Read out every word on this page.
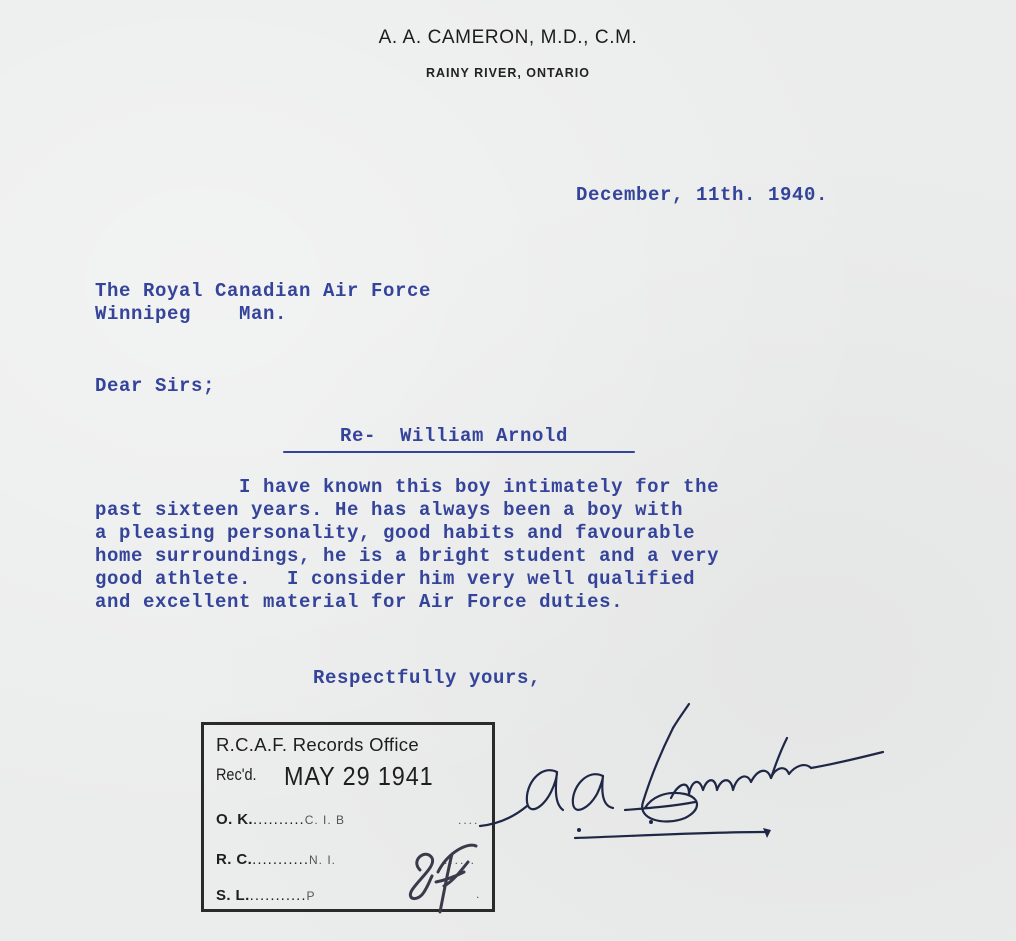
A. A. CAMERON, M.D., C.M.
RAINY RIVER, ONTARIO
December, 11th. 1940.
The Royal Canadian Air Force
Winnipeg    Man.
Dear Sirs;
Re-  William Arnold
I have known this boy intimately for the
past sixteen years. He has always been a boy with
a pleasing personality, good habits and favourable
home surroundings, he is a bright student and a very
good athlete.   I consider him very well qualified
and excellent material for Air Force duties.
Respectfully yours,
R.C.A.F. Records Office
Rec'd. MAY 29 1941
O. K...........C. I. B	....
R. C............N. I.	......
S. L............P	.
